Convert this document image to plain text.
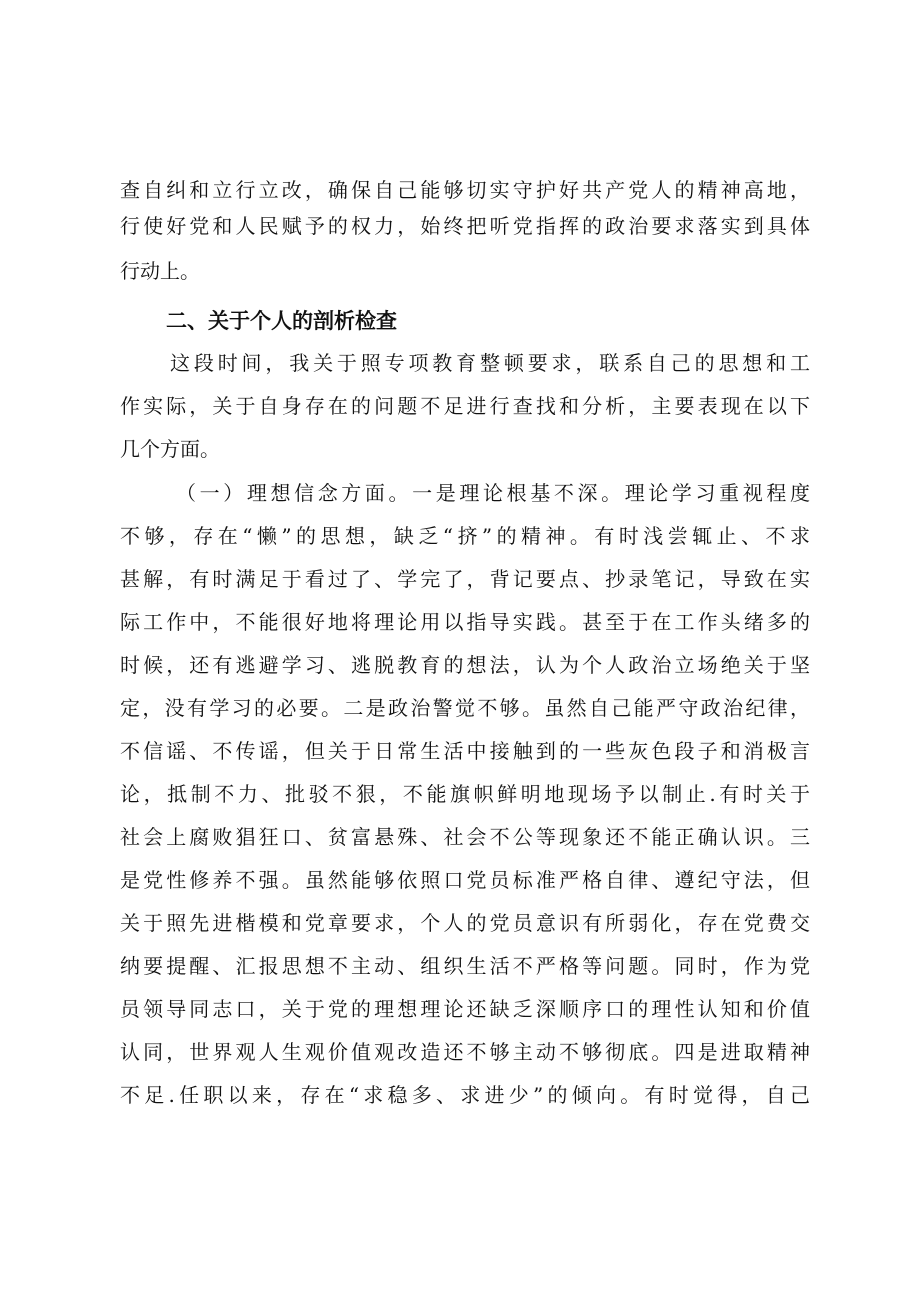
查自纠和立行立改，确保自己能够切实守护好共产党人的精神高地，
行使好党和人民赋予的权力，始终把听党指挥的政治要求落实到具体
行动上。
二、关于个人的剖析检查
这段时间，我关于照专项教育整顿要求，联系自己的思想和工
作实际，关于自身存在的问题不足进行查找和分析，主要表现在以下
几个方面。
（一）理想信念方面。一是理论根基不深。理论学习重视程度
不够，存在“懒”的思想，缺乏“挤”的精神。有时浅尝辄止、不求
甚解，有时满足于看过了、学完了，背记要点、抄录笔记，导致在实
际工作中，不能很好地将理论用以指导实践。甚至于在工作头绪多的
时候，还有逃避学习、逃脱教育的想法，认为个人政治立场绝关于坚
定，没有学习的必要。二是政治警觉不够。虽然自己能严守政治纪律，
不信谣、不传谣，但关于日常生活中接触到的一些灰色段子和消极言
论，抵制不力、批驳不狠，不能旗帜鲜明地现场予以制止.有时关于
社会上腐败猖狂口、贫富悬殊、社会不公等现象还不能正确认识。三
是党性修养不强。虽然能够依照口党员标准严格自律、遵纪守法，但
关于照先进楷模和党章要求，个人的党员意识有所弱化，存在党费交
纳要提醒、汇报思想不主动、组织生活不严格等问题。同时，作为党
员领导同志口，关于党的理想理论还缺乏深顺序口的理性认知和价值
认同，世界观人生观价值观改造还不够主动不够彻底。四是进取精神
不足.任职以来，存在“求稳多、求进少”的倾向。有时觉得，自己
